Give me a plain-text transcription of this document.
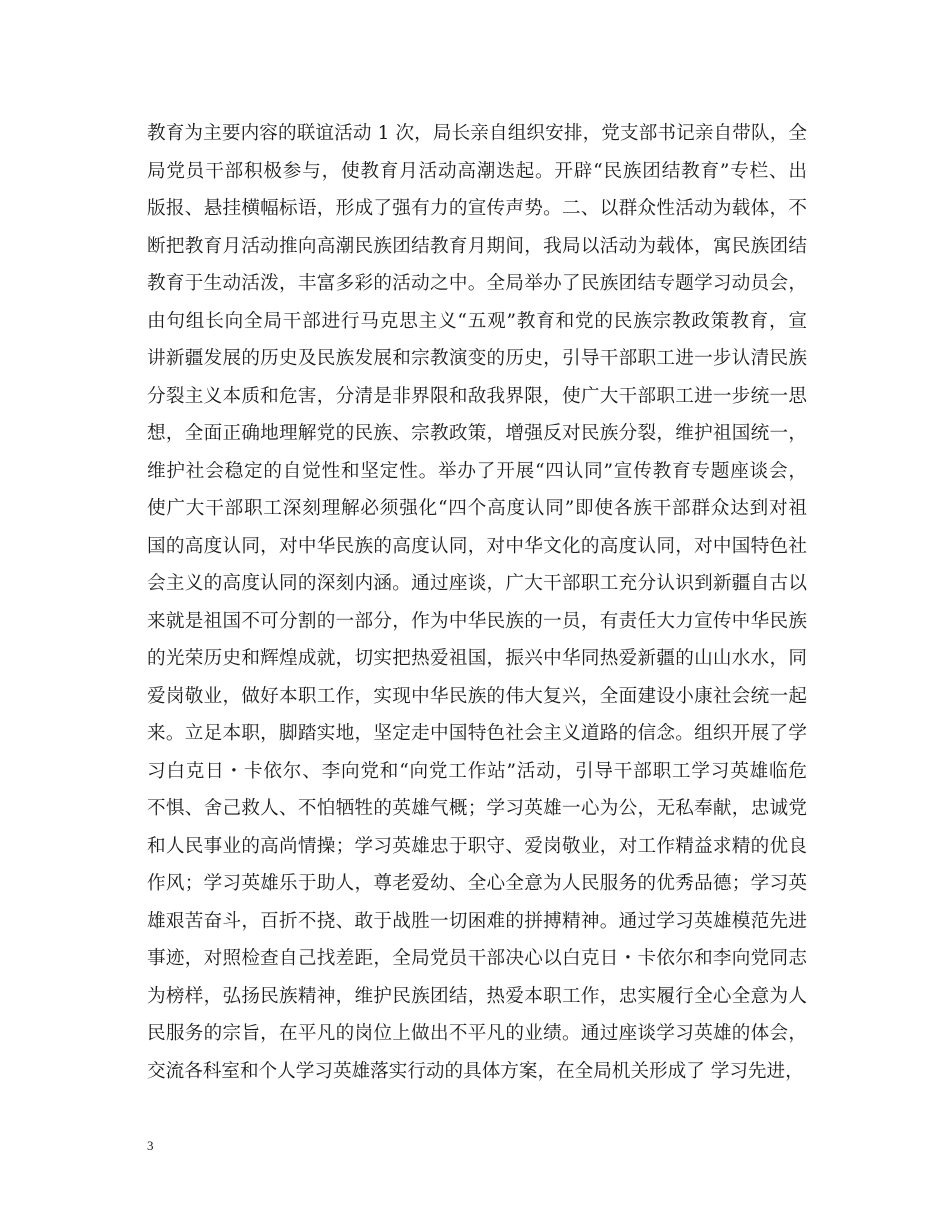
教育为主要内容的联谊活动 1 次，局长亲自组织安排，党支部书记亲自带队，全
局党员干部积极参与，使教育月活动高潮迭起。开辟“民族团结教育”专栏、出
版报、悬挂横幅标语，形成了强有力的宣传声势。二、以群众性活动为载体，不
断把教育月活动推向高潮民族团结教育月期间，我局以活动为载体，寓民族团结
教育于生动活泼，丰富多彩的活动之中。全局举办了民族团结专题学习动员会，
由句组长向全局干部进行马克思主义“五观”教育和党的民族宗教政策教育，宣
讲新疆发展的历史及民族发展和宗教演变的历史，引导干部职工进一步认清民族
分裂主义本质和危害，分清是非界限和敌我界限，使广大干部职工进一步统一思
想，全面正确地理解党的民族、宗教政策，增强反对民族分裂，维护祖国统一，
维护社会稳定的自觉性和坚定性。举办了开展“四认同”宣传教育专题座谈会，
使广大干部职工深刻理解必须强化“四个高度认同”即使各族干部群众达到对祖
国的高度认同，对中华民族的高度认同，对中华文化的高度认同，对中国特色社
会主义的高度认同的深刻内涵。通过座谈，广大干部职工充分认识到新疆自古以
来就是祖国不可分割的一部分，作为中华民族的一员，有责任大力宣传中华民族
的光荣历史和辉煌成就，切实把热爱祖国，振兴中华同热爱新疆的山山水水，同
爱岗敬业，做好本职工作，实现中华民族的伟大复兴，全面建设小康社会统一起
来。立足本职，脚踏实地，坚定走中国特色社会主义道路的信念。组织开展了学
习白克日・卡依尔、李向党和“向党工作站”活动，引导干部职工学习英雄临危
不惧、舍己救人、不怕牺牲的英雄气概；学习英雄一心为公，无私奉献，忠诚党
和人民事业的高尚情操；学习英雄忠于职守、爱岗敬业，对工作精益求精的优良
作风；学习英雄乐于助人，尊老爱幼、全心全意为人民服务的优秀品德；学习英
雄艰苦奋斗，百折不挠、敢于战胜一切困难的拼搏精神。通过学习英雄模范先进
事迹，对照检查自己找差距，全局党员干部决心以白克日・卡依尔和李向党同志
为榜样，弘扬民族精神，维护民族团结，热爱本职工作，忠实履行全心全意为人
民服务的宗旨，在平凡的岗位上做出不平凡的业绩。通过座谈学习英雄的体会，
交流各科室和个人学习英雄落实行动的具体方案，在全局机关形成了 学习先进，
3
